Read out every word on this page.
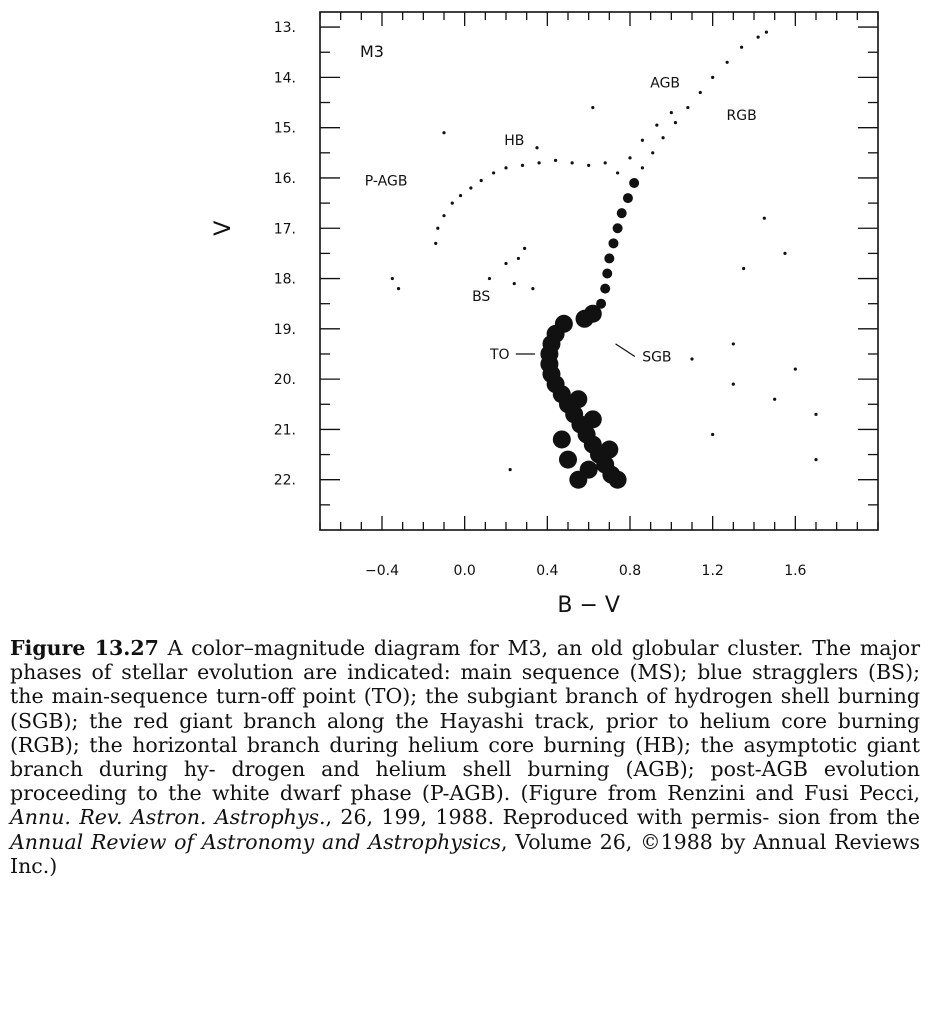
−0.4	0.0	0.4	0.8	1.2	1.6
13.
14.
15.
16.
17.
18.
19.
20.
21.
22.
AGB
RGB
HB
P-AGB
BS
TO	SGB
M3
B − V
V
Figure 13.27 A color–magnitude diagram for M3, an old globular cluster. The major phases of stellar evolution are indicated: main sequence (MS); blue stragglers (BS); the main-sequence turn-off point (TO); the subgiant branch of hydrogen shell burning (SGB); the red giant branch along the Hayashi track, prior to helium core burning (RGB); the horizontal branch during helium core burning (HB); the asymptotic giant branch during hy- drogen and helium shell burning (AGB); post-AGB evolution proceeding to the white dwarf phase (P-AGB). (Figure from Renzini and Fusi Pecci, Annu. Rev. Astron. Astrophys., 26, 199, 1988. Reproduced with permis- sion from the Annual Review of Astronomy and Astrophysics, Volume 26, ©1988 by Annual Reviews Inc.)
